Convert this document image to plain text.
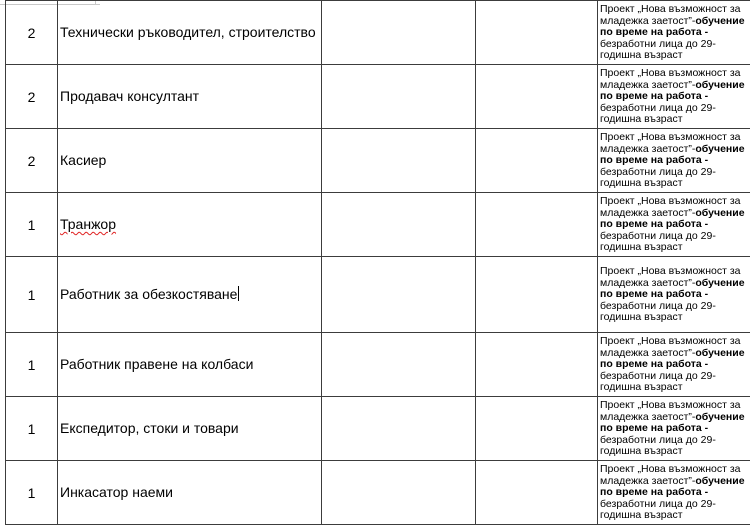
2	Технически ръководител, строителство			Проект „Нова възможност за
младежка заетост”-обучение
по време на работа -
безработни лица до 29-
годишна възраст
2	Продавач консултант			Проект „Нова възможност за
младежка заетост”-обучение
по време на работа -
безработни лица до 29-
годишна възраст
2	Касиер			Проект „Нова възможност за
младежка заетост”-обучение
по време на работа -
безработни лица до 29-
годишна възраст
1	Транжор			Проект „Нова възможност за
младежка заетост”-обучение
по време на работа -
безработни лица до 29-
годишна възраст
1	Работник за обезкостяване			Проект „Нова възможност за
младежка заетост”-обучение
по време на работа -
безработни лица до 29-
годишна възраст
1	Работник правене на колбаси			Проект „Нова възможност за
младежка заетост”-обучение
по време на работа -
безработни лица до 29-
годишна възраст
1	Експедитор, стоки и товари			Проект „Нова възможност за
младежка заетост”-обучение
по време на работа -
безработни лица до 29-
годишна възраст
1	Инкасатор наеми			Проект „Нова възможност за
младежка заетост”-обучение
по време на работа -
безработни лица до 29-
годишна възраст
